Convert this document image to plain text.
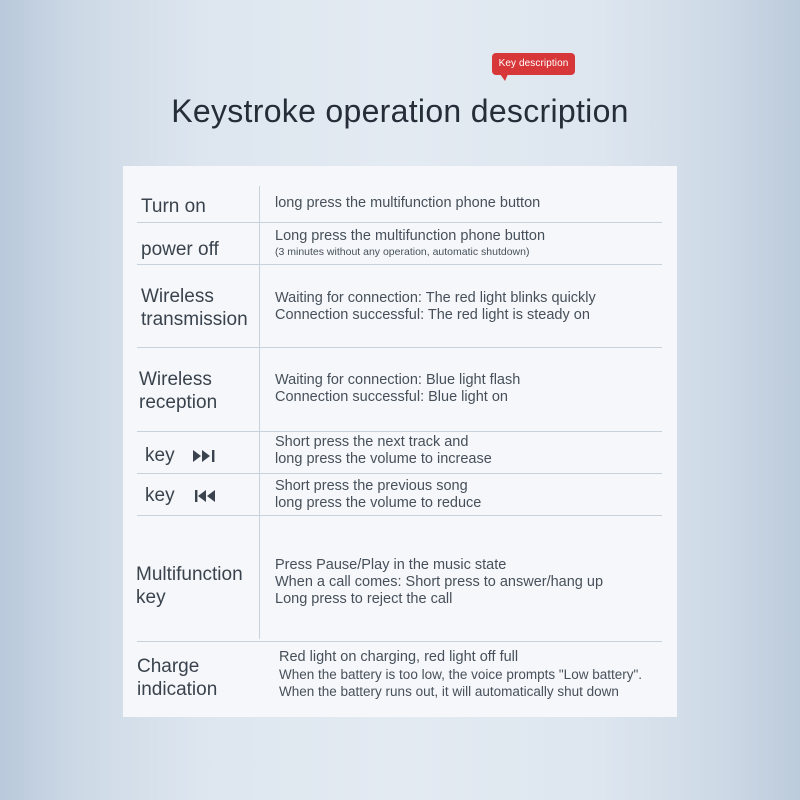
Key description
Keystroke operation description
Turn on	long press the multifunction phone button
power off
Long press the multifunction phone button
(3 minutes without any operation, automatic shutdown)
Wireless
transmission
Waiting for connection: The red light blinks quickly
Connection successful: The red light is steady on
Wireless
reception
Waiting for connection: Blue light flash
Connection successful: Blue light on
key
Short press the next track and
long press the volume to increase
key	Short press the previous song
long press the volume to reduce
Multifunction
key
Press Pause/Play in the music state
When a call comes: Short press to answer/hang up
Long press to reject the call
Charge
indication
Red light on charging, red light off full
When the battery is too low, the voice prompts "Low battery".
When the battery runs out, it will automatically shut down
